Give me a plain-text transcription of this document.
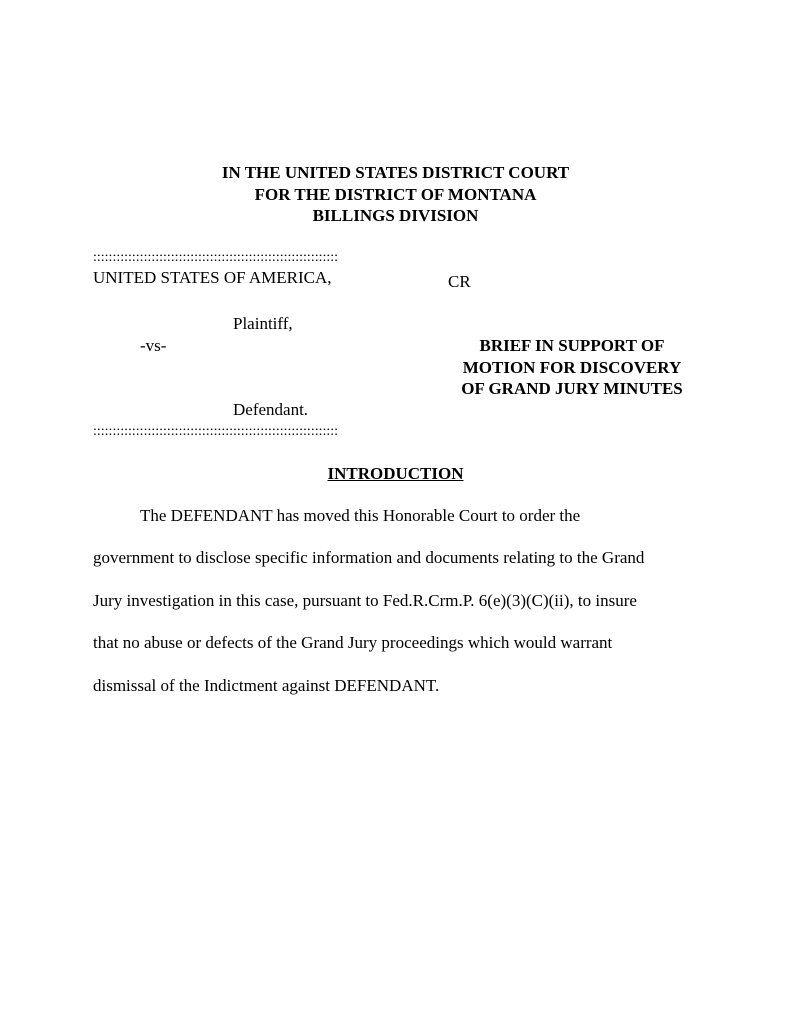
IN THE UNITED STATES DISTRICT COURT
FOR THE DISTRICT OF MONTANA
BILLINGS DIVISION
:::::::::::::::::::::::::::::::::::::::::::::::::::::::::::::::
UNITED STATES OF AMERICA,	CR
Plaintiff,
-vs-
Defendant.
:::::::::::::::::::::::::::::::::::::::::::::::::::::::::::::::
BRIEF IN SUPPORT OF
MOTION FOR DISCOVERY
OF GRAND JURY MINUTES
INTRODUCTION
The DEFENDANT has moved this Honorable Court to order the
government to disclose specific information and documents relating to the Grand
Jury investigation in this case, pursuant to Fed.R.Crm.P. 6(e)(3)(C)(ii), to insure
that no abuse or defects of the Grand Jury proceedings which would warrant
dismissal of the Indictment against DEFENDANT.
